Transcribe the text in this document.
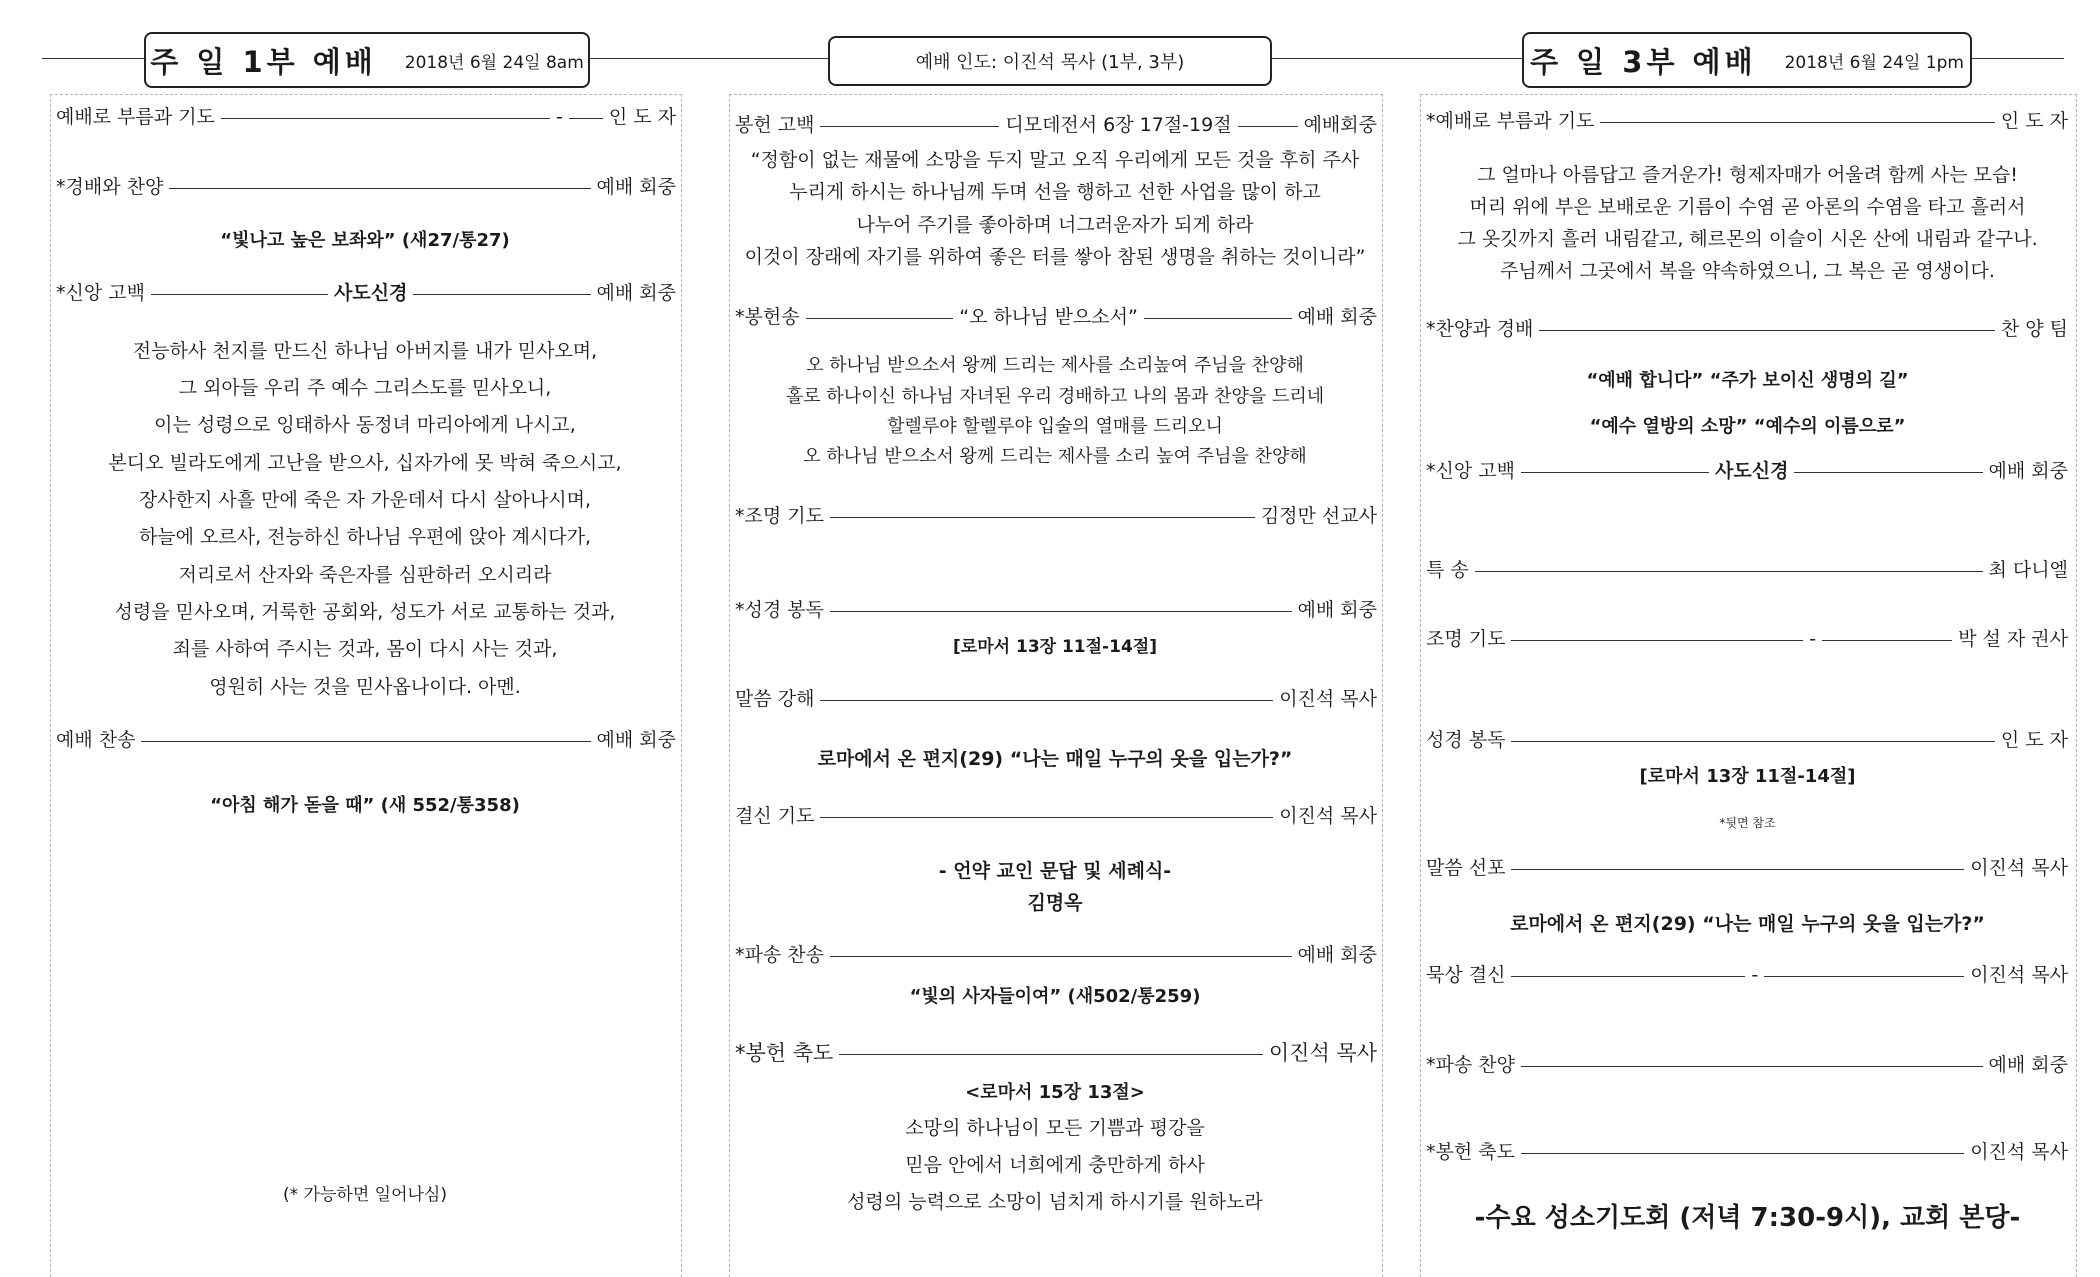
주 일 1부 예배 2018년 6월 24일 8am	예배 인도: 이진석 목사 (1부, 3부)	주 일 3부 예배 2018년 6월 24일 1pm
예배로 부름과 기도	- 인 도 자
*경배와 찬양	예배 회중
“빛나고 높은 보좌와” (새27/통27)
*신앙 고백	사도신경	예배 회중
전능하사 천지를 만드신 하나님 아버지를 내가 믿사오며,
그 외아들 우리 주 예수 그리스도를 믿사오니,
이는 성령으로 잉태하사 동정녀 마리아에게 나시고,
본디오 빌라도에게 고난을 받으사, 십자가에 못 박혀 죽으시고,
장사한지 사흘 만에 죽은 자 가운데서 다시 살아나시며,
하늘에 오르사, 전능하신 하나님 우편에 앉아 계시다가,
저리로서 산자와 죽은자를 심판하러 오시리라
성령을 믿사오며, 거룩한 공회와, 성도가 서로 교통하는 것과,
죄를 사하여 주시는 것과, 몸이 다시 사는 것과,
영원히 사는 것을 믿사옵나이다. 아멘.
예배 찬송	예배 회중
“아침 해가 돋을 때” (새 552/통358)
(* 가능하면 일어나심)
봉헌 고백	디모데전서 6장 17절-19절	예배회중
“정함이 없는 재물에 소망을 두지 말고 오직 우리에게 모든 것을 후히 주사
누리게 하시는 하나님께 두며 선을 행하고 선한 사업을 많이 하고
나누어 주기를 좋아하며 너그러운자가 되게 하라
이것이 장래에 자기를 위하여 좋은 터를 쌓아 참된 생명을 취하는 것이니라”
*봉헌송	“오 하나님 받으소서”	예배 회중
오 하나님 받으소서 왕께 드리는 제사를 소리높여 주님을 찬양해
홀로 하나이신 하나님 자녀된 우리 경배하고 나의 몸과 찬양을 드리네
할렐루야 할렐루야 입술의 열매를 드리오니
오 하나님 받으소서 왕께 드리는 제사를 소리 높여 주님을 찬양해
*조명 기도	김정만 선교사
*성경 봉독	예배 회중
[로마서 13장 11절-14절]
말씀 강해	이진석 목사
로마에서 온 편지(29) “나는 매일 누구의 옷을 입는가?”
결신 기도	이진석 목사
- 언약 교인 문답 및 세례식-
김명옥
*파송 찬송	예배 회중
“빛의 사자들이여” (새502/통259)
*봉헌 축도	이진석 목사
<로마서 15장 13절>
소망의 하나님이 모든 기쁨과 평강을
믿음 안에서 너희에게 충만하게 하사
성령의 능력으로 소망이 넘치게 하시기를 원하노라
*예배로 부름과 기도	인 도 자
그 얼마나 아름답고 즐거운가! 형제자매가 어울려 함께 사는 모습!
머리 위에 부은 보배로운 기름이 수염 곧 아론의 수염을 타고 흘러서
그 옷깃까지 흘러 내림같고, 헤르몬의 이슬이 시온 산에 내림과 같구나.
주님께서 그곳에서 복을 약속하였으니, 그 복은 곧 영생이다.
*찬양과 경배	찬 양 팀
“예배 합니다” “주가 보이신 생명의 길”
“예수 열방의 소망” “예수의 이름으로”
*신앙 고백	사도신경	예배 회중
특 송	최 다니엘
조명 기도	-	박 설 자 권사
성경 봉독	인 도 자
[로마서 13장 11절-14절]
*뒷면 참조
말씀 선포	이진석 목사
로마에서 온 편지(29) “나는 매일 누구의 옷을 입는가?”
묵상 결신	-	이진석 목사
*파송 찬양	예배 회중
*봉헌 축도	이진석 목사
-수요 성소기도회 (저녁 7:30-9시), 교회 본당-
